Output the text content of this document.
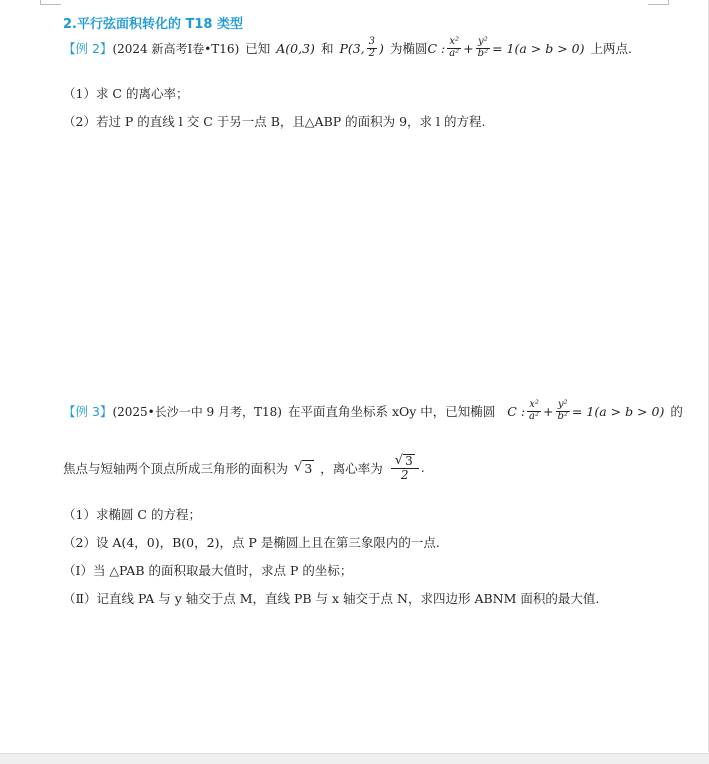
2.平行弦面积转化的 T18 类型
【例 2】 (2024 新高考Ⅰ卷•T16) 已知 A(0,3) 和 P(3, $\frac{3}{2}$ ) 为椭圆 C : $\frac{\text{x²}}{\text{a²}} + \frac{\text{y²}}{\text{b²}} = 1(a > b > 0)$ 上两点.
（1）求 C 的离心率；
（2）若过 P 的直线 l 交 C 于另一点 B，且△ABP 的面积为 9，求 l 的方程.
【例 3】 (2025•长沙一中 9 月考，T18) 在平面直角坐标系 xOy 中，已知椭圆 C : $\frac{\text{x²}}{\text{a²}} + \frac{\text{y²}}{\text{b²}} = 1(a > b > 0)$ 的
焦点与短轴两个顶点所成三角形的面积为 √ 3 ，离心率为 $\frac{√ 3}{2}$ .
（1）求椭圆 C 的方程；
（2）设 A(4，0)，B(0，2)，点 P 是椭圆上且在第三象限内的一点.
（Ⅰ）当 △PAB 的面积取最大值时，求点 P 的坐标；
（Ⅱ）记直线 PA 与 y 轴交于点 M，直线 PB 与 x 轴交于点 N，求四边形 ABNM 面积的最大值.
